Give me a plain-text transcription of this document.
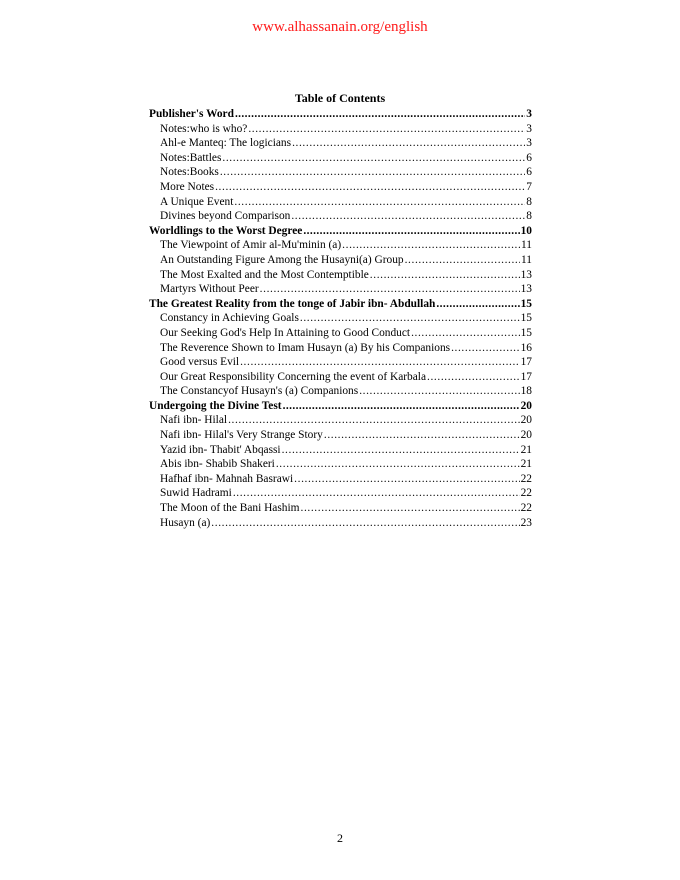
www.alhassanain.org/english
Table of Contents
Publisher's Word .....	3
Notes:who is who? .....	3
Ahl-e Manteq: The logicians .....	3
Notes:Battles .....	6
Notes:Books .....	6
More Notes .....	7
A Unique Event .....	8
Divines beyond Comparison .....	8
Worldlings to the Worst Degree .....	10
The Viewpoint of Amir al-Mu'minin (a) .....	11
An Outstanding Figure Among the Husayni(a) Group .....	11
The Most Exalted and the Most Contemptible .....	13
Martyrs Without Peer .....	13
The Greatest Reality from the tonge of Jabir ibn- Abdullah .....	15
Constancy in Achieving Goals .....	15
Our Seeking God's Help In Attaining to Good Conduct .....	15
The Reverence Shown to Imam Husayn (a) By his Companions .....	16
Good versus Evil .....	17
Our Great Responsibility Concerning the event of Karbala .....	17
The Constancyof Husayn's (a) Companions .....	18
Undergoing the Divine Test .....	20
Nafi ibn- Hilal .....	20
Nafi ibn- Hilal's Very Strange Story .....	20
Yazid ibn- Thabit' Abqassi .....	21
Abis ibn- Shabib Shakeri .....	21
Hafhaf ibn- Mahnah Basrawi .....	22
Suwid Hadrami .....	22
The Moon of the Bani Hashim .....	22
Husayn (a) .....	23
2
